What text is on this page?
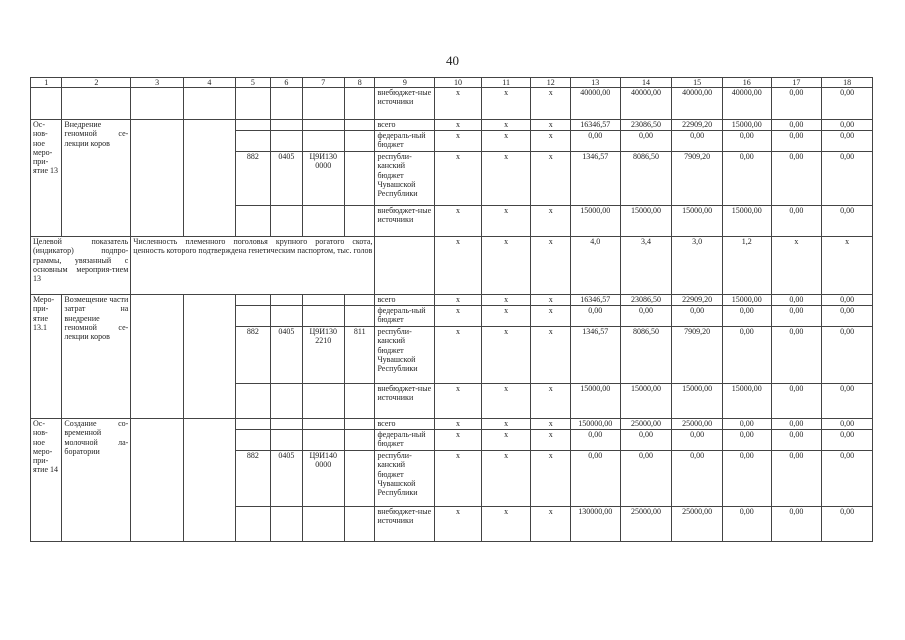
40
1	2	3	4	5	6	7	8	9	10	11	12	13	14	15	16	17	18
								внебюджет-ные источники	x	x	x	40000,00	40000,00	40000,00	40000,00	0,00	0,00
Ос-нов-ное меро-при-ятие 13	Внедрение геномной се-лекции коров							всего	x	x	x	16346,57	23086,50	22909,20	15000,00	0,00	0,00
								федераль-ный бюджет	x	x	x	0,00	0,00	0,00	0,00	0,00	0,00
				882	0405	Ц9И130 0000		республи-канский бюджет Чувашской Республики	x	x	x	1346,57	8086,50	7909,20	0,00	0,00	0,00
								внебюджет-ные источники	x	x	x	15000,00	15000,00	15000,00	15000,00	0,00	0,00
Целевой показатель (индикатор) подпро-граммы, увязанный с основным мероприя-тием 13		Численность племенного поголовья крупного рогатого скота, ценность которого подтверждена генетическим паспортом, тыс. голов							x	x	x	4,0	3,4	3,0	1,2	x	x
Меро-при-ятие 13.1	Возмещение части затрат на внедрение геномной се-лекции коров							всего	x	x	x	16346,57	23086,50	22909,20	15000,00	0,00	0,00
								федераль-ный бюджет	x	x	x	0,00	0,00	0,00	0,00	0,00	0,00
				882	0405	Ц9И130 2210	811	республи-канский бюджет Чувашской Республики	x	x	x	1346,57	8086,50	7909,20	0,00	0,00	0,00
								внебюджет-ные источники	x	x	x	15000,00	15000,00	15000,00	15000,00	0,00	0,00
Ос-нов-ное меро-при-ятие 14	Создание со-временной молочной ла-боратории							всего	x	x	x	150000,00	25000,00	25000,00	0,00	0,00	0,00
								федераль-ный бюджет	x	x	x	0,00	0,00	0,00	0,00	0,00	0,00
				882	0405	Ц9И140 0000		республи-канский бюджет Чувашской Республики	x	x	x	0,00	0,00	0,00	0,00	0,00	0,00
								внебюджет-ные источники	x	x	x	130000,00	25000,00	25000,00	0,00	0,00	0,00
